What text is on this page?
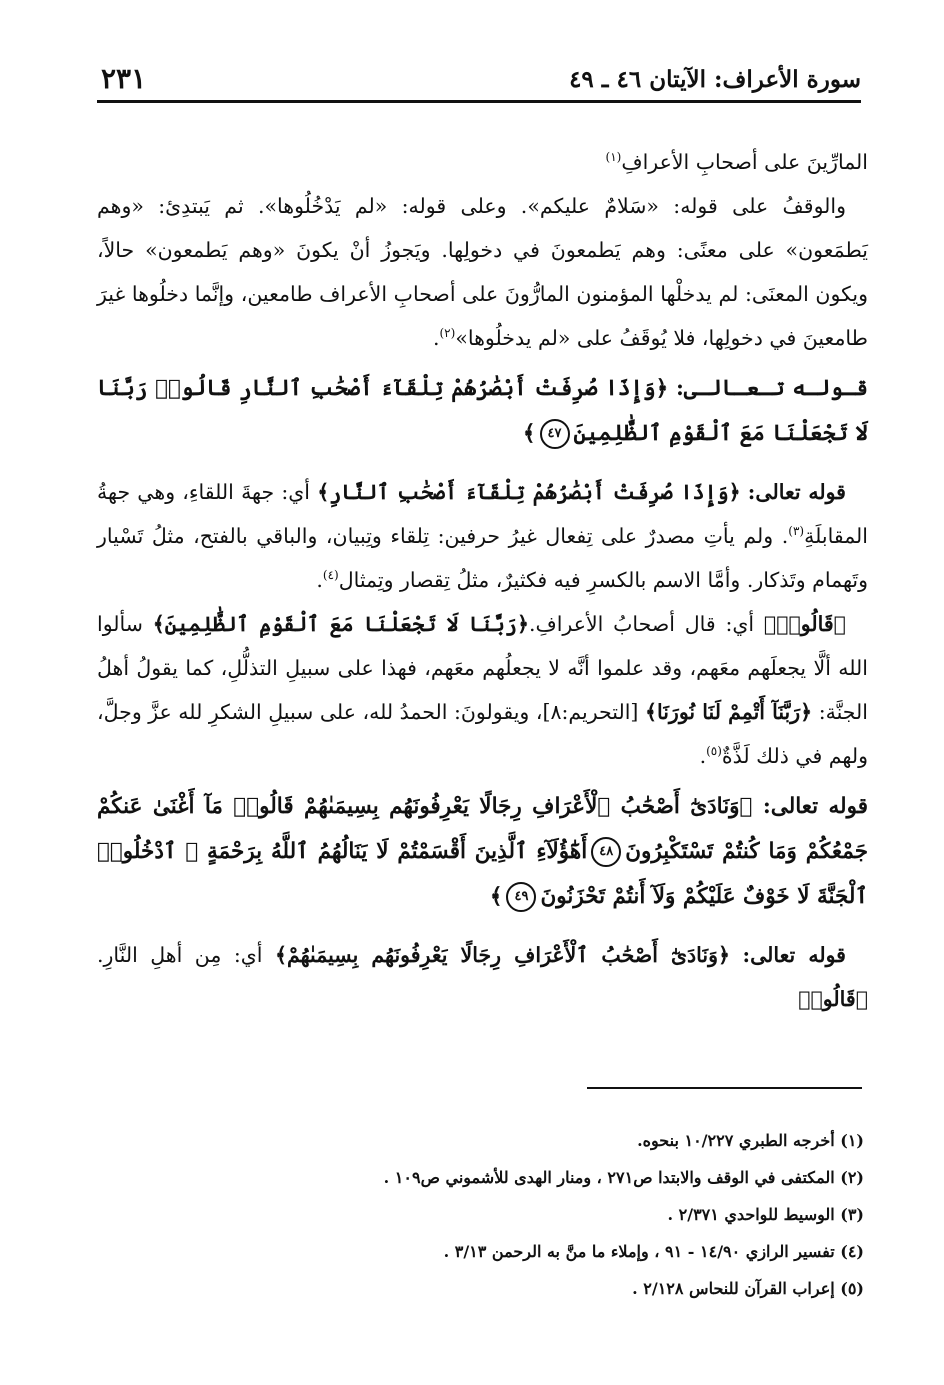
سورة الأعراف: الآيتان ٤٦ ـ ٤٩
٢٣١

المارِّينَ على أصحابِ الأعرافِ$^{(١)}$

والوقفُ على قوله: «سَلامٌ عليكم». وعلى قوله: «لم يَدْخُلُوها». ثم يَبتدِئ: «وهم يَطمَعون» على معنًى: وهم يَطمعونَ في دخولِها. ويَجوزُ أنْ يكونَ «وهم يَطمعون» حالاً، ويكون المعنَى: لم يدخلْها المؤمنون المارُّونَ على أصحابِ الأعراف طامعين، وإنَّما دخلُوها غيرَ طامعينَ في دخولِها، فلا يُوقَفُ على «لم يدخلُوها»$^{(٢)}$.

قـولـه تـعـالـى: ﴿وَإِذَا صُرِفَتْ أَبْصَٰرُهُمْ تِلْقَآءَ أَصْحَٰبِ ٱلنَّارِ قَالُوا۟ رَبَّنَا لَا تَجْعَلْنَا مَعَ ٱلْقَوْمِ ٱلظَّٰلِمِينَ٤٧﴾

قوله تعالى: ﴿وَإِذَا صُرِفَتْ أَبْصَٰرُهُمْ تِلْقَآءَ أَصْحَٰبِ ٱلنَّارِ﴾ أي: جهةَ اللقاءِ، وهي جهةُ المقابلَةِ$^{(٣)}$. ولم يأتِ مصدرٌ على تِفعال غيرُ حرفين: تِلقاء وتِبيان، والباقي بالفتح، مثلُ تَسْيار وتَهمام وتَذكار. وأمَّا الاسم بالكسرِ فيه فكثيرٌ، مثلُ تِقصار وتِمثال$^{(٤)}$.

﴿قَالُوا۟﴾ أي: قال أصحابُ الأعرافِ.﴿رَبَّنَا لَا تَجْعَلْنَا مَعَ ٱلْقَوْمِ ٱلظَّٰلِمِينَ﴾ سألوا الله ألَّا يجعلَهم معَهم، وقد علموا أنَّه لا يجعلُهم معَهم، فهذا على سبيلِ التذلُّلِ، كما يقولُ أهلُ الجنَّة: ﴿رَبَّنَآ أَتْمِمْ لَنَا نُورَنَا﴾ [التحريم:٨]، ويقولونَ: الحمدُ لله، على سبيلِ الشكرِ لله عزَّ وجلَّ، ولهم في ذلك لَذَّةٌ$^{(٥)}$.

قوله تعالى: ﴿وَنَادَىٰٓ أَصْحَٰبُ ٱلْأَعْرَافِ رِجَالًا يَعْرِفُونَهُم بِسِيمَىٰهُمْ قَالُوا۟ مَآ أَغْنَىٰ عَنكُمْ جَمْعُكُمْ وَمَا كُنتُمْ تَسْتَكْبِرُونَ٤٨أَهَٰٓؤُلَآءِ ٱلَّذِينَ أَقْسَمْتُمْ لَا يَنَالُهُمُ ٱللَّهُ بِرَحْمَةٍ ۚ ٱدْخُلُوا۟ ٱلْجَنَّةَ لَا خَوْفٌ عَلَيْكُمْ وَلَآ أَنتُمْ تَحْزَنُونَ٤٩﴾

قوله تعالى: ﴿وَنَادَىٰٓ أَصْحَٰبُ ٱلْأَعْرَافِ رِجَالًا يَعْرِفُونَهُم بِسِيمَىٰهُمْ﴾ أي: مِن أهلِ النَّارِ.﴿قَالُوا۟

(١) أخرجه الطبري ١٠/٢٢٧ بنحوه.
(٢) المكتفى في الوقف والابتدا ص٢٧١ ، ومنار الهدى للأشموني ص١٠٩ .
(٣) الوسيط للواحدي ٢/٣٧١ .
(٤) تفسير الرازي ١٤/٩٠ - ٩١ ، وإملاء ما منَّ به الرحمن ٣/١٣ .
(٥) إعراب القرآن للنحاس ٢/١٢٨ .
